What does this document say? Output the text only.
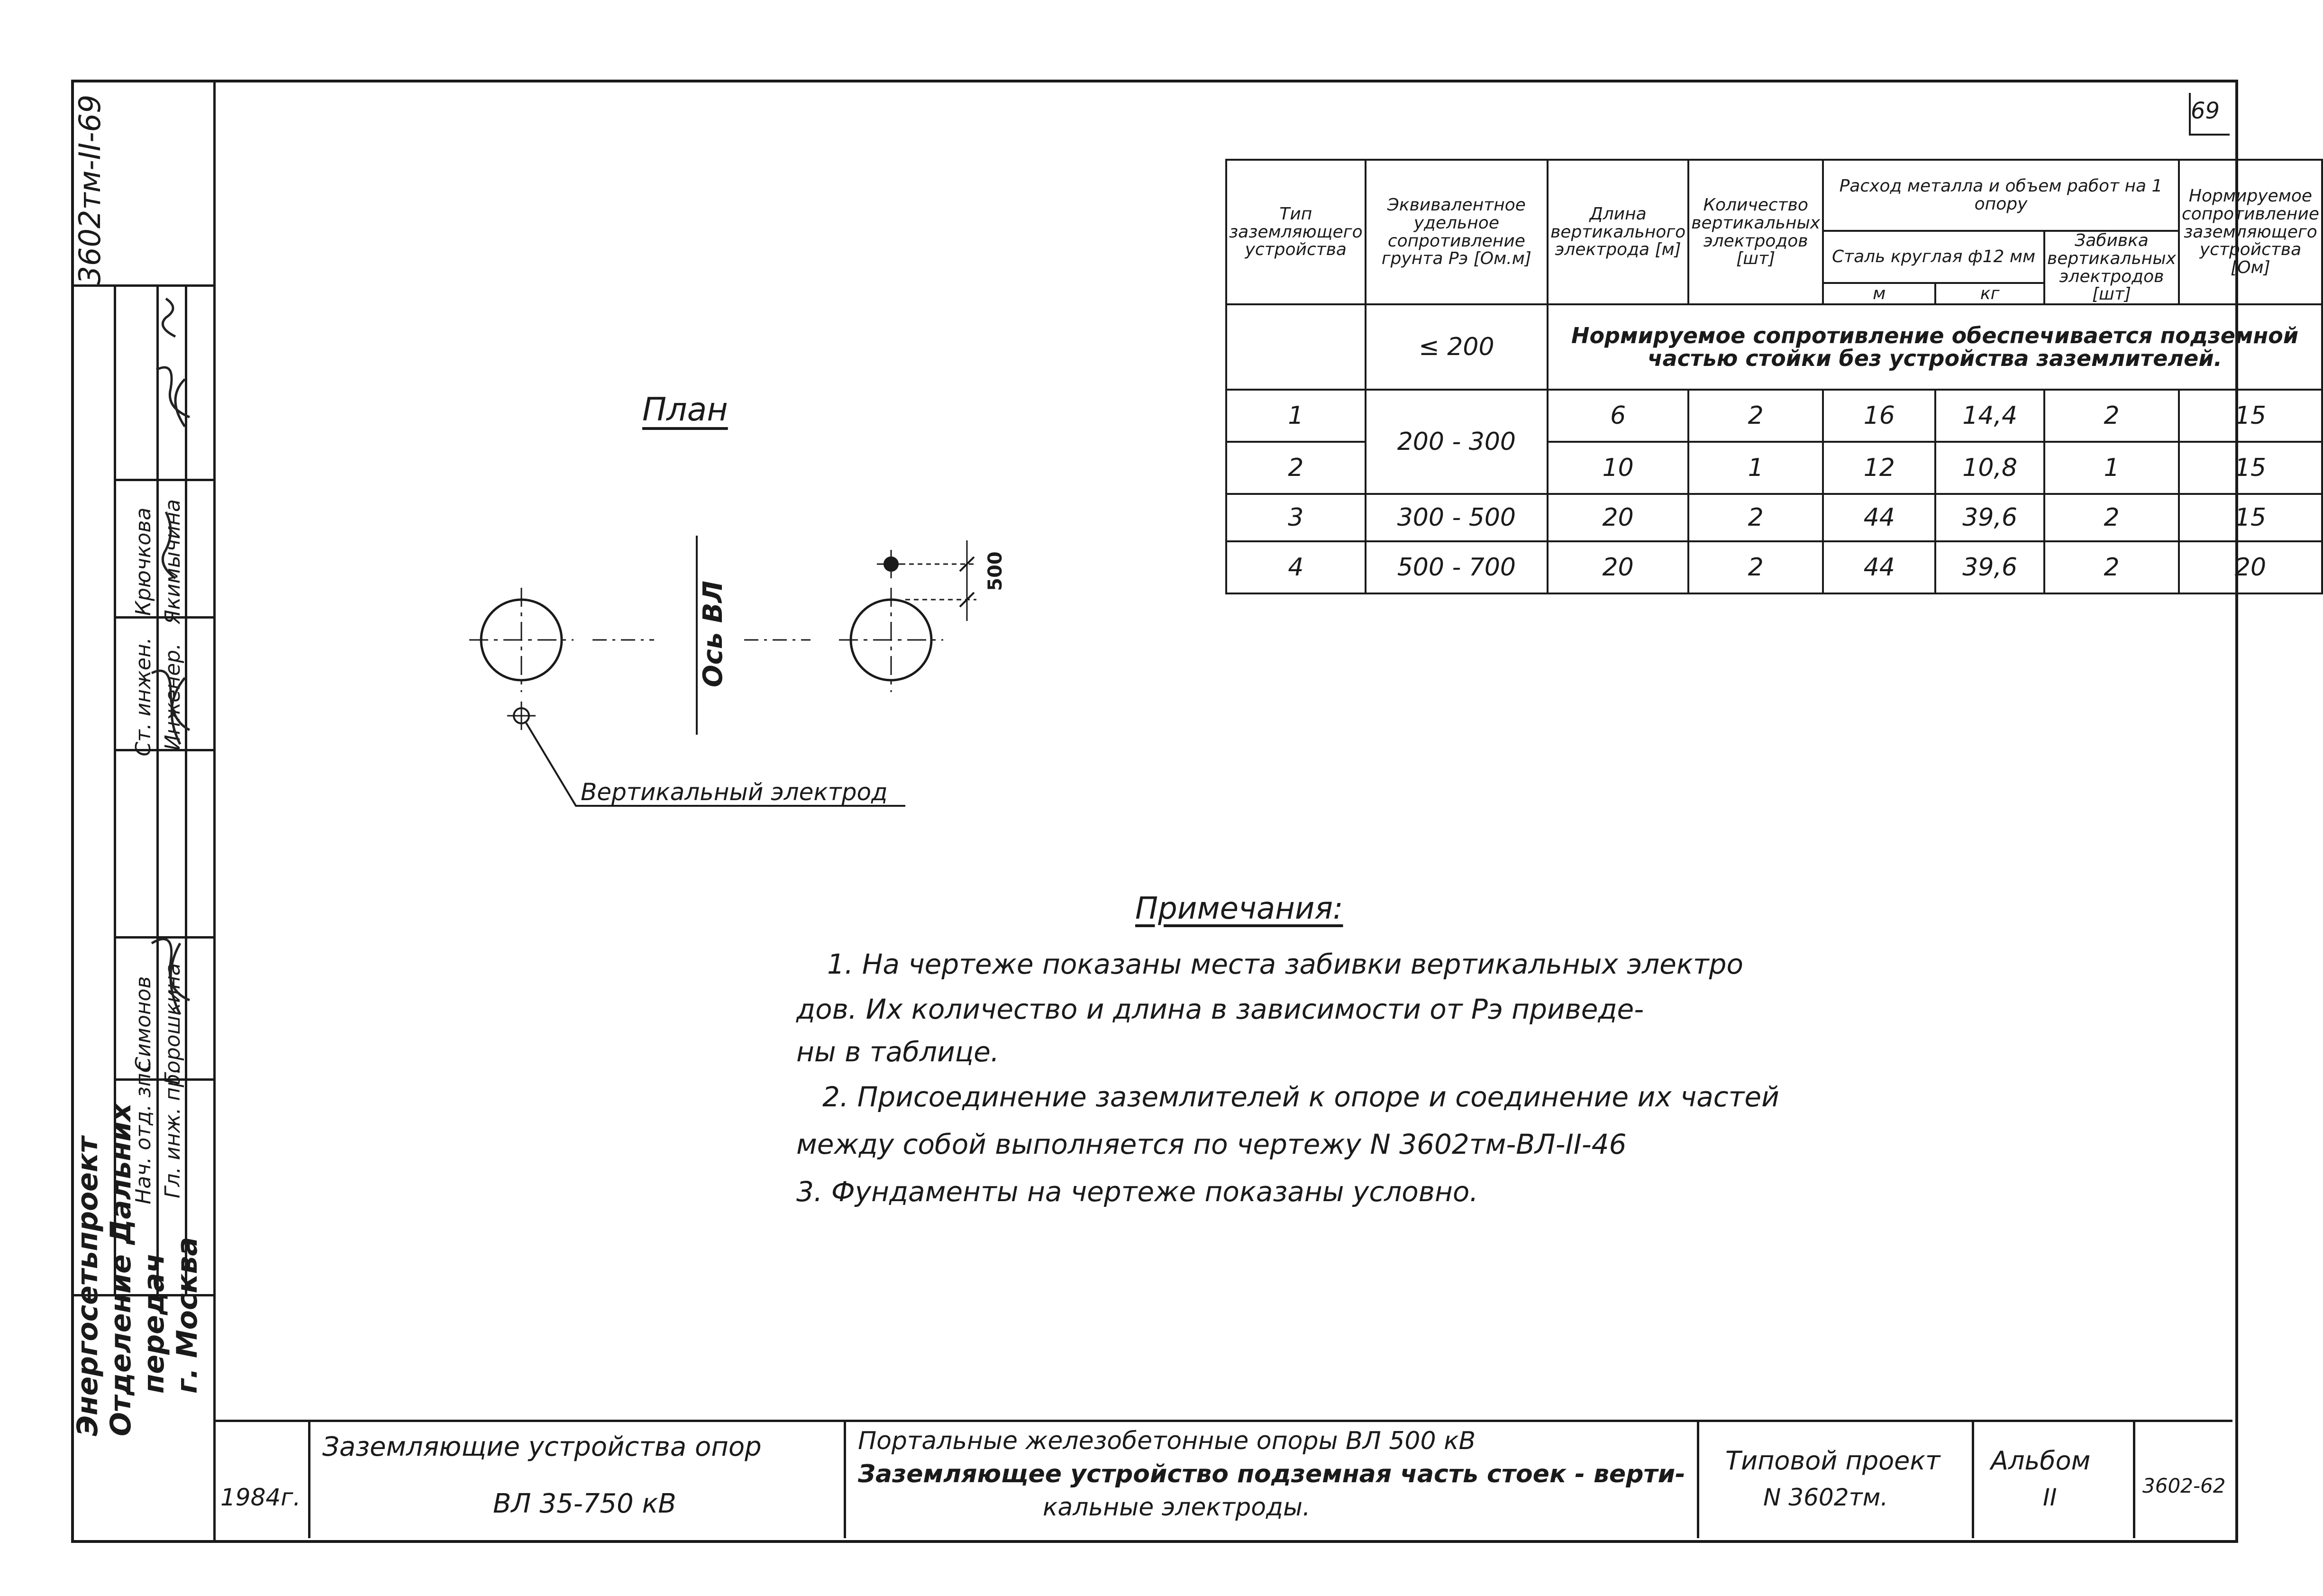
69
3602тм-II-69
Нач. отд. зпс Гл. инж. пр.
Симонов Горошкина
Ст. инжен. Инженер.
Крючкова Якимычина
Энергосетьпроект Отделение Дальних передач г. Москва
1984г.
Заземляющие устройства опор
ВЛ 35-750 кВ
Портальные железобетонные опоры ВЛ 500 кВ
Заземляющее устройство подземная часть стоек - верти-
кальные электроды.
Типовой проект
N 3602тм.
Альбом
II	3602-62
План
Ось ВЛ
500
Вертикальный электрод
Тип заземляющего устройства	Эквивалентное удельное сопротивление грунта Рэ [Ом.м]	Длина вертикального электрода [м]	Количество вертикальных электродов [шт]	Расход металла и объем работ на 1 опору			Нормируемое сопротивление заземляющего устройства [Ом]
				Сталь круглая ф12 мм		Забивка вертикальных электродов [шт]	
				м	кг		
	≤ 200	Нормируемое сопротивление обеспечивается подземной частью стойки без устройства заземлителей.					
1	200 - 300	6	2	16	14,4	2	15
2		10	1	12	10,8	1	15
3	300 - 500	20	2	44	39,6	2	15
4	500 - 700	20	2	44	39,6	2	20
Примечания:
1. На чертеже показаны места забивки вертикальных электро
дов. Их количество и длина в зависимости от Рэ приведе-
ны в таблице.
2. Присоединение заземлителей к опоре и соединение их частей
между собой выполняется по чертежу N 3602тм-ВЛ-II-46
3. Фундаменты на чертеже показаны условно.
